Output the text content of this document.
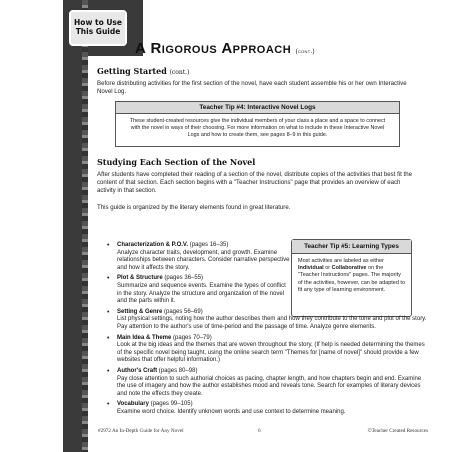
How to Use
This Guide
A Rigorous Approach (cont.)
Getting Started (cont.)
Before distributing activities for the first section of the novel, have each student assemble his or her own Interactive Novel Log.
Teacher Tip #4: Interactive Novel Logs
These student-created resources give the individual members of your class a place and a space to connect with the novel in ways of their choosing. For more information on what to include in these Interactive Novel Logs and how to create them, see pages 8–9 in this guide.
Studying Each Section of the Novel
After students have completed their reading of a section of the novel, distribute copies of the activities that best fit the content of that section. Each section begins with a "Teacher Instructions" page that provides an overview of each activity in that section.
This guide is organized by the literary elements found in great literature.
Teacher Tip #5: Learning Types
Most activities are labeled as either Individual or Collaborative on the "Teacher Instructions" pages. The majority of the activities, however, can be adapted to fit any type of learning environment.
• Characterization & P.O.V. (pages 16–35)
Analyze character traits, development, and growth. Examine relationships between characters. Consider narrative perspective and how it affects the story.
• Plot & Structure (pages 36–55)
Summarize and sequence events. Examine the types of conflict in the story. Analyze the structure and organization of the novel and the parts within it.
• Setting & Genre (pages 56–69)
List physical settings, noting how the author describes them and how they contribute to the tone and plot of the story. Pay attention to the author's use of time-period and the passage of time. Analyze genre elements.
• Main Idea & Theme (pages 70–79)
Look at the big ideas and the themes that are woven throughout the story. (If help is needed determining the themes of the specific novel being taught, using the online search term "Themes for [name of novel]" should provide a few websites that offer helpful information.)
• Author's Craft (pages 80–98)
Pay close attention to such authorial choices as pacing, chapter length, and how chapters begin and end. Examine the use of imagery and how the author establishes mood and reveals tone. Search for examples of literary devices and note the effects they create.
• Vocabulary (pages 99–105)
Examine word choice. Identify unknown words and use context to determine meaning.
#2972 An In-Depth Guide for Any Novel	6	©Teacher Created Resources
